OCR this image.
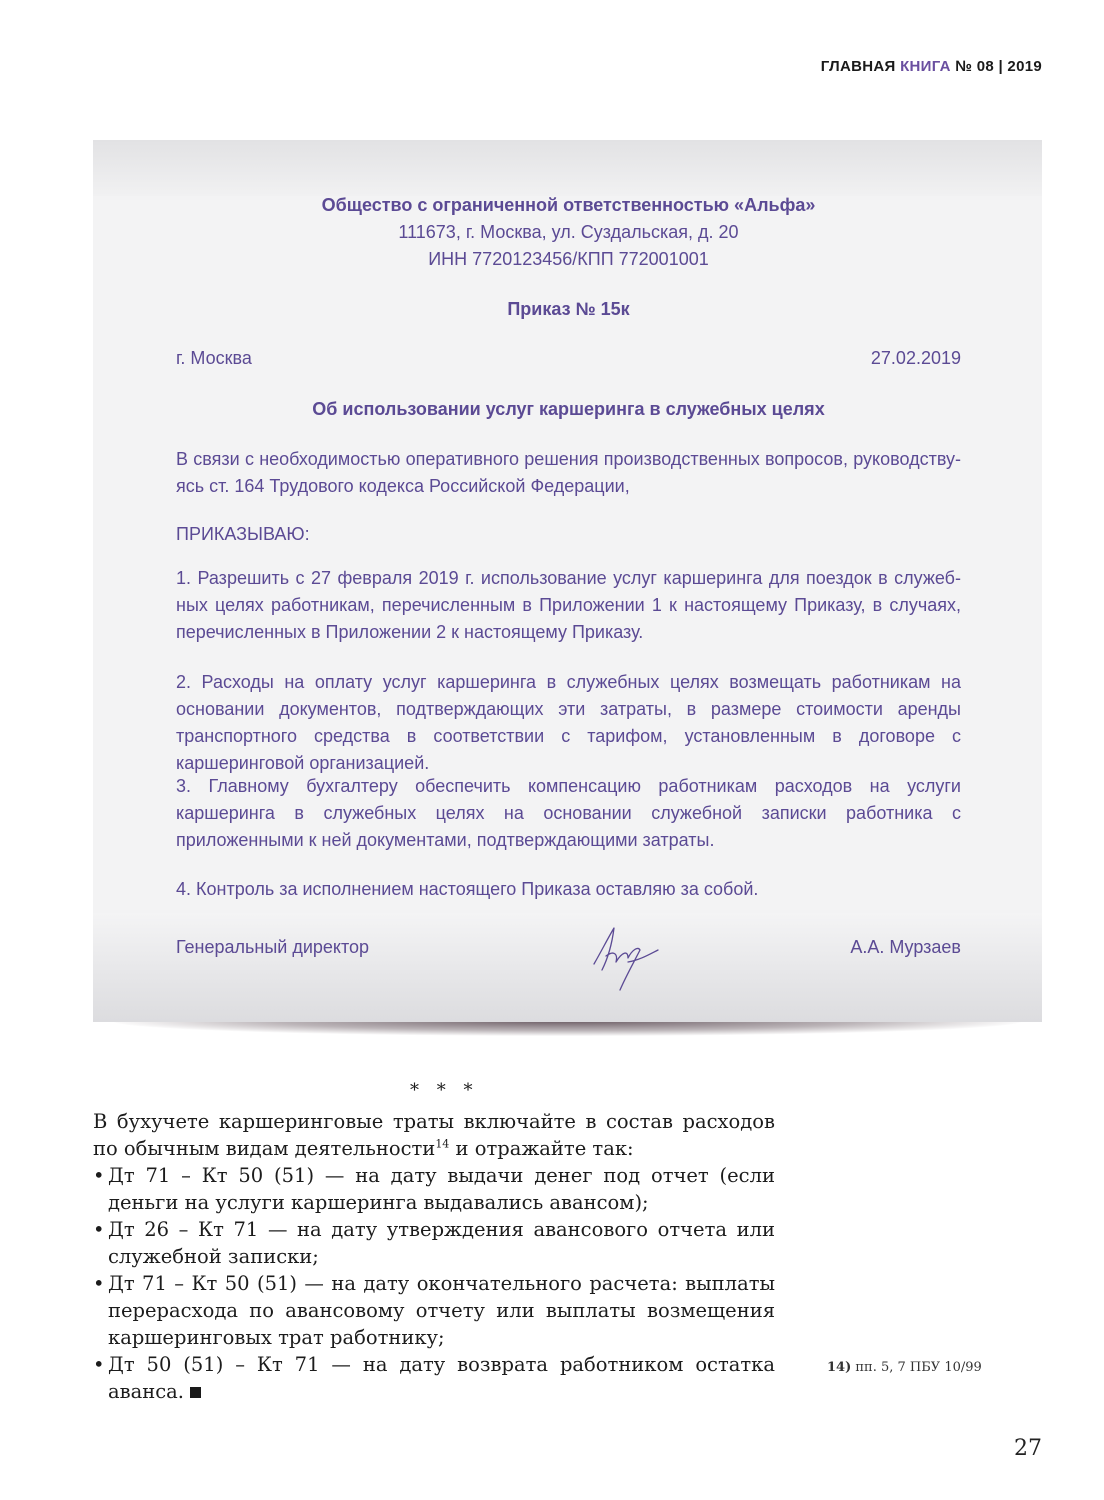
ГЛАВНАЯ КНИГА № 08 | 2019
Общество с ограниченной ответственностью «Альфа»
111673, г. Москва, ул. Суздальская, д. 20
ИНН 7720123456/КПП 772001001
Приказ № 15к
г. Москва	27.02.2019
Об использовании услуг каршеринга в служебных целях
В связи с необходимостью оперативного решения производственных вопросов, руководствуясь ст. 164 Трудового кодекса Российской Федерации,
ПРИКАЗЫВАЮ:
1. Разрешить с 27 февраля 2019 г. использование услуг каршеринга для поездок в служебных целях работникам, перечисленным в Приложении 1 к настоящему Приказу, в случаях, перечисленных в Приложении 2 к настоящему Приказу.
2. Расходы на оплату услуг каршеринга в служебных целях возмещать работникам на основании документов, подтверждающих эти затраты, в размере стоимости аренды транспортного средства в соответствии с тарифом, установленным в договоре с каршеринговой организацией.
3. Главному бухгалтеру обеспечить компенсацию работникам расходов на услуги каршеринга в служебных целях на основании служебной записки работника с приложенными к ней документами, подтверждающими затраты.
4. Контроль за исполнением настоящего Приказа оставляю за собой.
Генеральный директор	А.А. Мурзаев
* * *

В бухучете каршеринговые траты включайте в состав расходов по обычным видам деятельности$^{14}$ и отражайте так:

• Дт 71 – Кт 50 (51) — на дату выдачи денег под отчет (если деньги на услуги каршеринга выдавались авансом);
• Дт 26 – Кт 71 — на дату утверждения авансового отчета или служебной записки;
• Дт 71 – Кт 50 (51) — на дату окончательного расчета: выплаты перерасхода по авансовому отчету или выплаты возмещения каршеринговых трат работнику;
• Дт 50 (51) – Кт 71 — на дату возврата работником остатка аванса.
14) пп. 5, 7 ПБУ 10/99
27
